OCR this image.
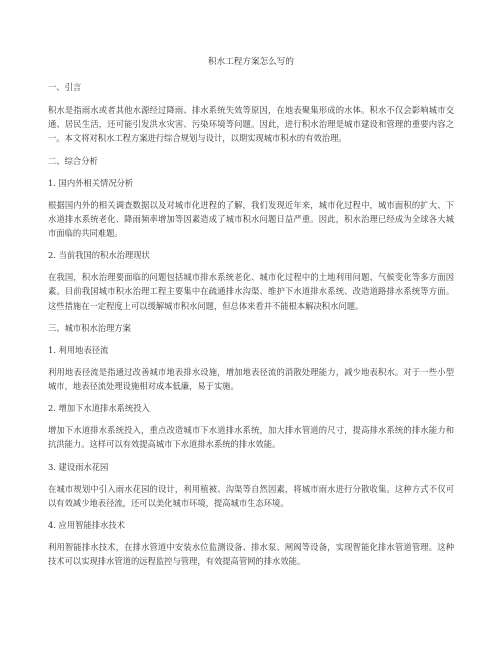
积水工程方案怎么写的
一、引言
积水是指雨水或者其他水源经过降雨、排水系统失效等原因，在地表聚集形成的水体。积水不仅会影响城市交通、居民生活，还可能引发洪水灾害、污染环境等问题。因此，进行积水治理是城市建设和管理的重要内容之一。本文将对积水工程方案进行综合规划与设计，以期实现城市积水的有效治理。
二、综合分析
1. 国内外相关情况分析
根据国内外的相关调查数据以及对城市化进程的了解，我们发现近年来，城市化过程中，城市面积的扩大、下水道排水系统老化、降雨频率增加等因素造成了城市积水问题日益严重。因此，积水治理已经成为全球各大城市面临的共同难题。
2. 当前我国的积水治理现状
在我国，积水治理要面临的问题包括城市排水系统老化、城市化过程中的土地利用问题、气候变化等多方面因素。目前我国城市积水治理工程主要集中在疏通排水沟渠、维护下水道排水系统、改造道路排水系统等方面。这些措施在一定程度上可以缓解城市积水问题，但总体来看并不能根本解决积水问题。
三、城市积水治理方案
1. 利用地表径流
利用地表径流是指通过改善城市地表排水设施，增加地表径流的消散处理能力，减少地表积水。对于一些小型城市，地表径流处理设施相对成本低廉，易于实施。
2. 增加下水道排水系统投入
增加下水道排水系统投入，重点改造城市下水道排水系统，加大排水管道的尺寸，提高排水系统的排水能力和抗洪能力。这样可以有效提高城市下水道排水系统的排水效能。
3. 建设雨水花园
在城市规划中引入雨水花园的设计，利用植被、沟渠等自然因素，将城市雨水进行分散收集。这种方式不仅可以有效减少地表径流，还可以美化城市环境，提高城市生态环境。
4. 应用智能排水技术
利用智能排水技术，在排水管道中安装水位监测设备、排水泵、闸阀等设备，实现智能化排水管道管理。这种技术可以实现排水管道的远程监控与管理，有效提高管网的排水效能。
